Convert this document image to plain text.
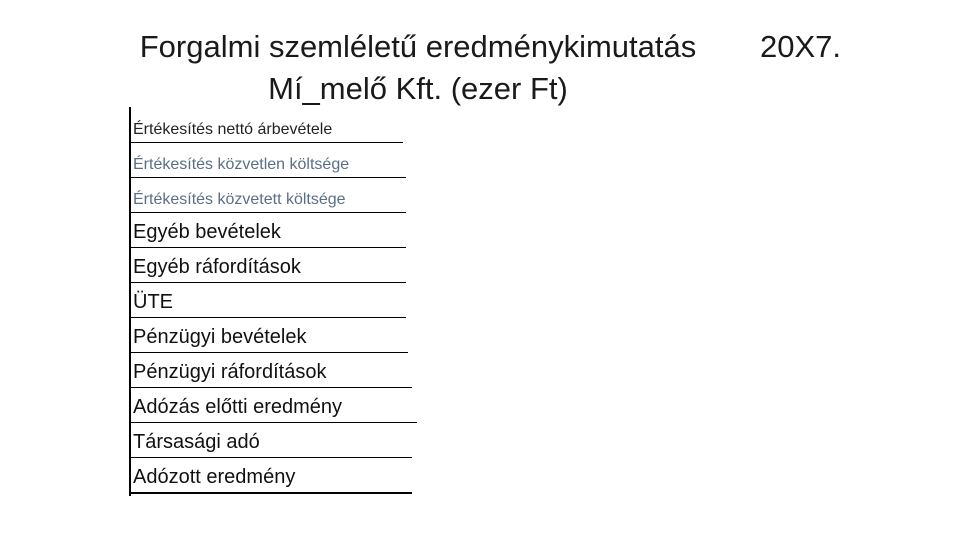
Forgalmi szemléletű eredménykimutatás
Mí_melő Kft. (ezer Ft)
20X7.
Értékesítés nettó árbevétele
Értékesítés közvetlen költsége
Értékesítés közvetett költsége
Egyéb bevételek
Egyéb ráfordítások
ÜTE
Pénzügyi bevételek
Pénzügyi ráfordítások
Adózás előtti eredmény
Társasági adó
Adózott eredmény
